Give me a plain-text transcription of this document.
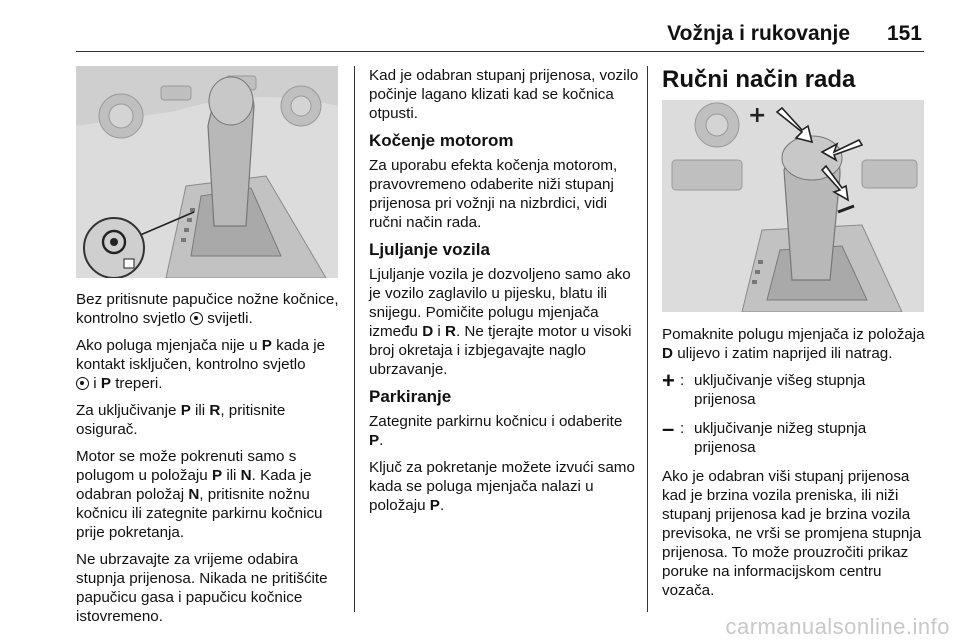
Vožnja i rukovanje 151

Bez pritisnute papučice nožne kočnice, kontrolno svjetlo  svijetli.

Ako poluga mjenjača nije u P kada je kontakt isključen, kontrolno svjetlo
i P treperi.

Za uključivanje P ili R, pritisnite osigurač.

Motor se može pokrenuti samo s polugom u položaju P ili N. Kada je odabran položaj N, pritisnite nožnu kočnicu ili zategnite parkirnu kočnicu prije pokretanja.

Ne ubrzavajte za vrijeme odabira stupnja prijenosa. Nikada ne pritišćite papučicu gasa i papučicu kočnice istovremeno.

Kad je odabran stupanj prijenosa, vozilo počinje lagano klizati kad se kočnica otpusti.

Kočenje motorom

Za uporabu efekta kočenja motorom, pravovremeno odaberite niži stupanj prijenosa pri vožnji na nizbrdici, vidi ručni način rada.

Ljuljanje vozila

Ljuljanje vozila je dozvoljeno samo ako je vozilo zaglavilo u pijesku, blatu ili snijegu. Pomičite polugu mjenjača između D i R. Ne tjerajte motor u visoki broj okretaja i izbjegavajte naglo ubrzavanje.

Parkiranje

Zategnite parkirnu kočnicu i odaberite P.

Ključ za pokretanje možete izvući samo kada se poluga mjenjača nalazi u položaju P.

Ručni način rada
+

Pomaknite polugu mjenjača iz položaja D ulijevo i zatim naprijed ili natrag.

+ : uključivanje višeg stupnja prijenosa
– : uključivanje nižeg stupnja prijenosa

Ako je odabran viši stupanj prijenosa kad je brzina vozila preniska, ili niži stupanj prijenosa kad je brzina vozila previsoka, ne vrši se promjena stupnja prijenosa. To može prouzročiti prikaz poruke na informacijskom centru vozača.

carmanualsonline.info
